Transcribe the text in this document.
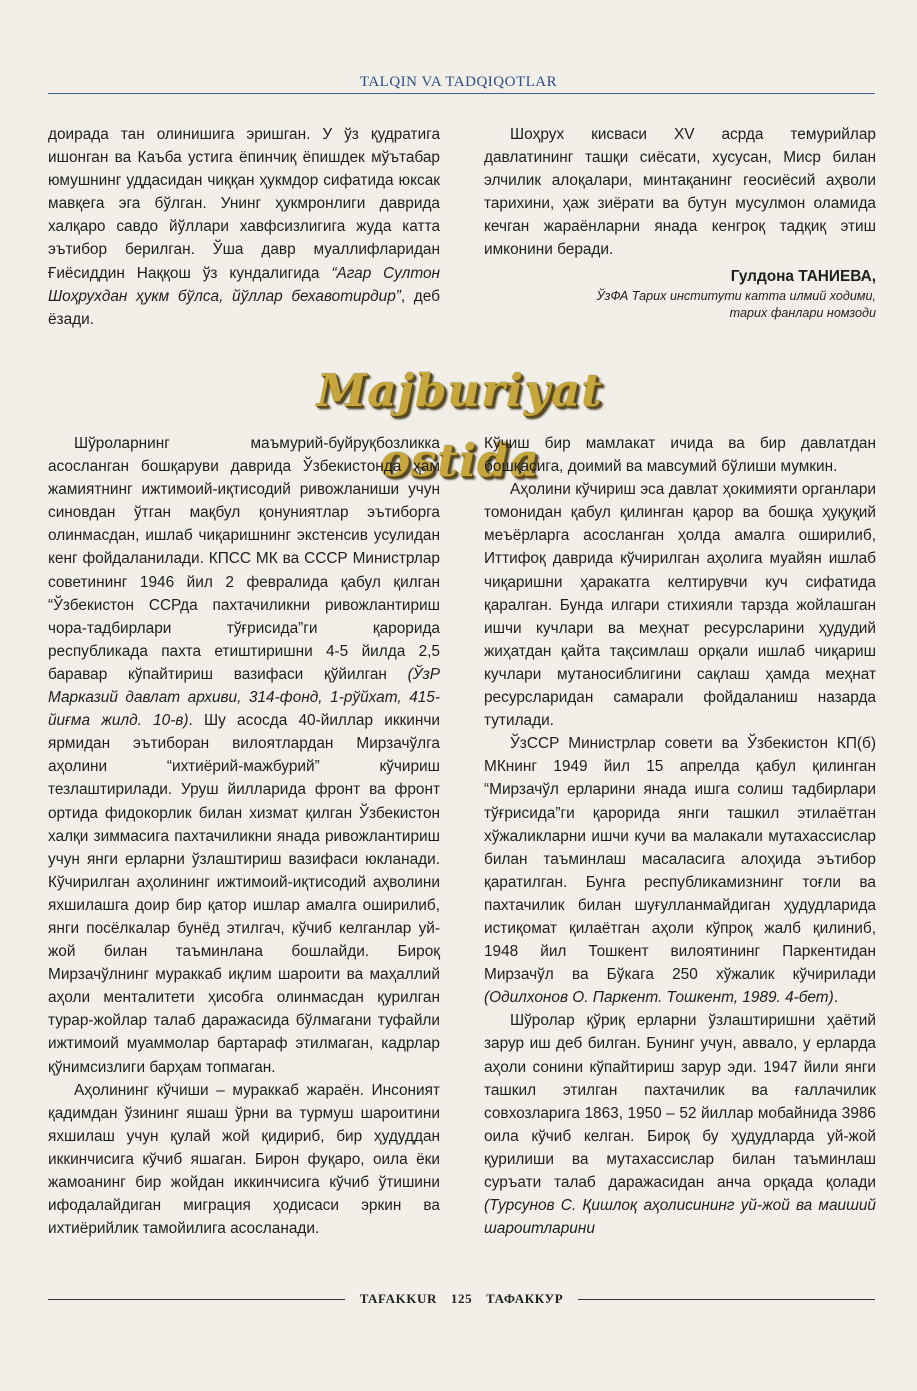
TALQIN VA TADQIQOTLAR

доирада тан олинишига эришган. У ўз қудратига ишонган ва Каъба устига ёпинчиқ ёпишдек мўътабар юмушнинг уддасидан чиққан ҳукмдор сифатида юксак мавқега эга бўлган. Унинг ҳукмронлиги даврида халқаро савдо йўллари хавфсизлигига жуда катта эътибор берилган. Ўша давр муаллифларидан Ғиёсиддин Наққош ўз кундалигида “Агар Султон Шоҳрухдан ҳукм бўлса, йўллар бехавотирдир”, деб ёзади.

Шоҳрух кисваси XV асрда темурийлар давлатининг ташқи сиёсати, хусусан, Миср билан элчилик алоқалари, минтақанинг геосиёсий аҳволи тарихини, ҳаж зиёрати ва бутун мусулмон оламида кечган жараёнларни янада кенгроқ тадқиқ этиш имконини беради.

Гулдона ТАНИЕВА,
ЎзФА Тарих институти катта илмий ходими,
тарих фанлари номзоди
Majburiyat ostida

Шўроларнинг маъмурий-буйруқбозликка асосланган бошқаруви даврида Ўзбекистонда ҳам жамиятнинг ижтимоий-иқтисодий ривожланиши учун синовдан ўтган мақбул қонуниятлар эътиборга олинмасдан, ишлаб чиқаришнинг экстенсив усулидан кенг фойдаланилади. КПСС МК ва СССР Министрлар советининг 1946 йил 2 февралида қабул қилган “Ўзбекистон ССРда пахтачиликни ривожлантириш чора-тадбирлари тўғрисида”ги қарорида республикада пахта етиштиришни 4-5 йилда 2,5 баравар кўпайтириш вазифаси қўйилган (ЎзР Марказий давлат архиви, 314-фонд, 1-рўйхат, 415-йиғма жилд. 10-в). Шу асосда 40-йиллар иккинчи ярмидан эътиборан вилоятлардан Мирзачўлга аҳолини “ихтиёрий-мажбурий” кўчириш тезлаштирилади. Уруш йилларида фронт ва фронт ортида фидокорлик билан хизмат қилган Ўзбекистон халқи зиммасига пахтачиликни янада ривожлантириш учун янги ерларни ўзлаштириш вазифаси юкланади. Кўчирилган аҳолининг ижтимоий-иқтисодий аҳволини яхшилашга доир бир қатор ишлар амалга оширилиб, янги посёлкалар бунёд этилгач, кўчиб келганлар уй-жой билан таъминлана бошлайди. Бироқ Мирзачўлнинг мураккаб иқлим шароити ва маҳаллий аҳоли менталитети ҳисобга олинмасдан қурилган турар-жойлар талаб даражасида бўлмагани туфайли ижтимоий муаммолар бартараф этилмаган, кадрлар қўнимсизлиги барҳам топмаган.

Аҳолининг кўчиши – мураккаб жараён. Инсоният қадимдан ўзининг яшаш ўрни ва турмуш шароитини яхшилаш учун қулай жой қидириб, бир ҳудуддан иккинчисига кўчиб яшаган. Бирон фуқаро, оила ёки жамоанинг бир жойдан иккинчисига кўчиб ўтишини ифодалайдиган миграция ҳодисаси эркин ва ихтиёрийлик тамойилига асосланади.

Кўчиш бир мамлакат ичида ва бир давлатдан бошқасига, доимий ва мавсумий бўлиши мумкин.

Аҳолини кўчириш эса давлат ҳокимияти органлари томонидан қабул қилинган қарор ва бошқа ҳуқуқий меъёрларга асосланган ҳолда амалга оширилиб, Иттифоқ даврида кўчирилган аҳолига муайян ишлаб чиқаришни ҳаракатга келтирувчи куч сифатида қаралган. Бунда илгари стихияли тарзда жойлашган ишчи кучлари ва меҳнат ресурсларини ҳудудий жиҳатдан қайта тақсимлаш орқали ишлаб чиқариш кучлари мутаносиблигини сақлаш ҳамда меҳнат ресурсларидан самарали фойдаланиш назарда тутилади.

ЎзССР Министрлар совети ва Ўзбекистон КП(б) МКнинг 1949 йил 15 апрелда қабул қилинган “Мирзачўл ерларини янада ишга солиш тадбирлари тўғрисида”ги қарорида янги ташкил этилаётган хўжаликларни ишчи кучи ва малакали мутахассислар билан таъминлаш масаласига алоҳида эътибор қаратилган. Бунга республикамизнинг тоғли ва пахтачилик билан шуғулланмайдиган ҳудудларида истиқомат қилаётган аҳоли кўпроқ жалб қилиниб, 1948 йил Тошкент вилоятининг Паркентидан Мирзачўл ва Бўкага 250 хўжалик кўчирилади (Одилхонов О. Паркент. Тошкент, 1989. 4-бет).

Шўролар қўриқ ерларни ўзлаштиришни ҳаётий зарур иш деб билган. Бунинг учун, аввало, у ерларда аҳоли сонини кўпайтириш зарур эди. 1947 йили янги ташкил этилган пахтачилик ва ғаллачилик совхозларига 1863, 1950 – 52 йиллар мобайнида 3986 оила кўчиб келган. Бироқ бу ҳудудларда уй-жой қурилиши ва мутахассислар билан таъминлаш суръати талаб даражасидан анча орқада қолади (Турсунов С. Қишлоқ аҳолисининг уй-жой ва маиший шароитларини

TAFAKKUR 125 ТАФАККУР
